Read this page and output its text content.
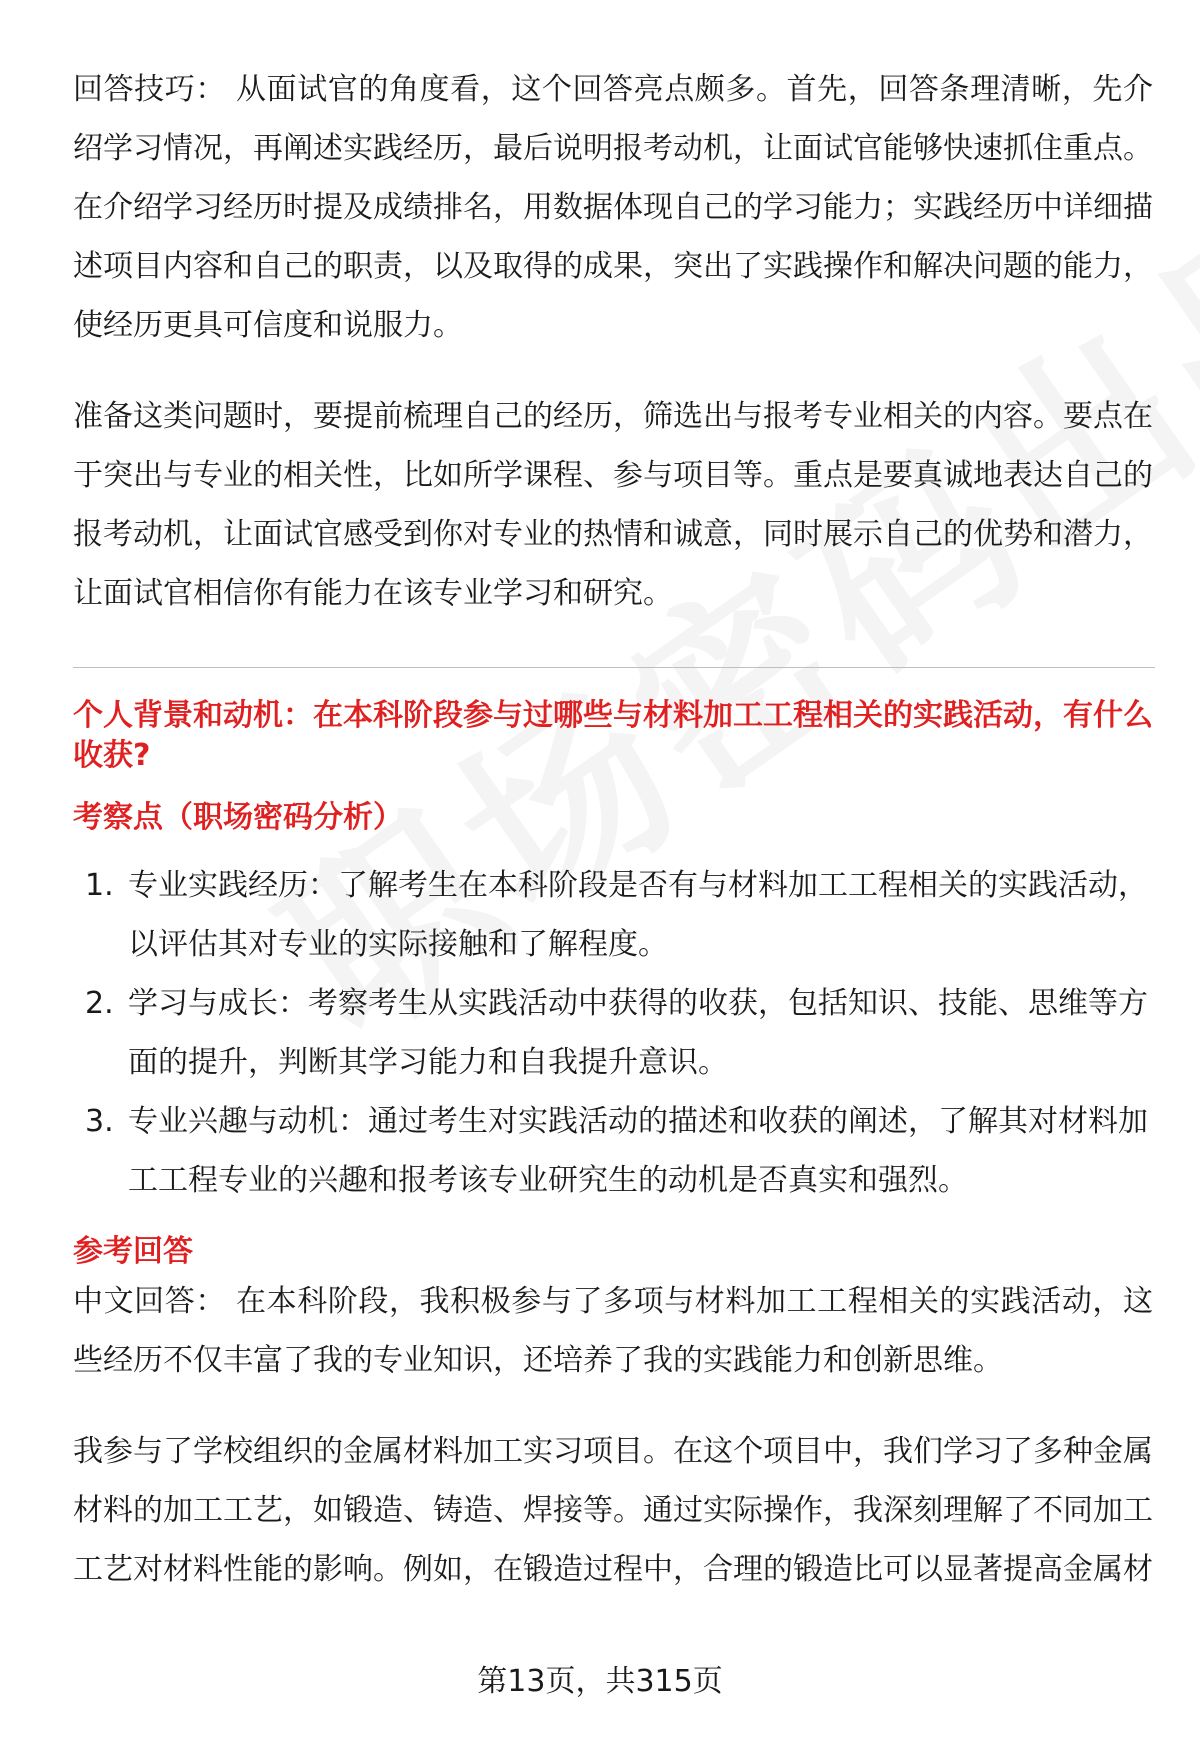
回答技巧： 从面试官的角度看，这个回答亮点颇多。首先，回答条理清晰，先介绍学习情况，再阐述实践经历，最后说明报考动机，让面试官能够快速抓住重点。在介绍学习经历时提及成绩排名，用数据体现自己的学习能力；实践经历中详细描述项目内容和自己的职责，以及取得的成果，突出了实践操作和解决问题的能力，使经历更具可信度和说服力。

准备这类问题时，要提前梳理自己的经历，筛选出与报考专业相关的内容。要点在于突出与专业的相关性，比如所学课程、参与项目等。重点是要真诚地表达自己的报考动机，让面试官感受到你对专业的热情和诚意，同时展示自己的优势和潜力，让面试官相信你有能力在该专业学习和研究。

个人背景和动机：在本科阶段参与过哪些与材料加工工程相关的实践活动，有什么收获?
考察点（职场密码分析）
1. 专业实践经历：了解考生在本科阶段是否有与材料加工工程相关的实践活动，以评估其对专业的实际接触和了解程度。
2. 学习与成长：考察考生从实践活动中获得的收获，包括知识、技能、思维等方面的提升，判断其学习能力和自我提升意识。
3. 专业兴趣与动机：通过考生对实践活动的描述和收获的阐述，了解其对材料加工工程专业的兴趣和报考该专业研究生的动机是否真实和强烈。
参考回答

中文回答： 在本科阶段，我积极参与了多项与材料加工工程相关的实践活动，这些经历不仅丰富了我的专业知识，还培养了我的实践能力和创新思维。

我参与了学校组织的金属材料加工实习项目。在这个项目中，我们学习了多种金属材料的加工工艺，如锻造、铸造、焊接等。通过实际操作，我深刻理解了不同加工工艺对材料性能的影响。例如，在锻造过程中，合理的锻造比可以显著提高金属材

第13页，共315页
